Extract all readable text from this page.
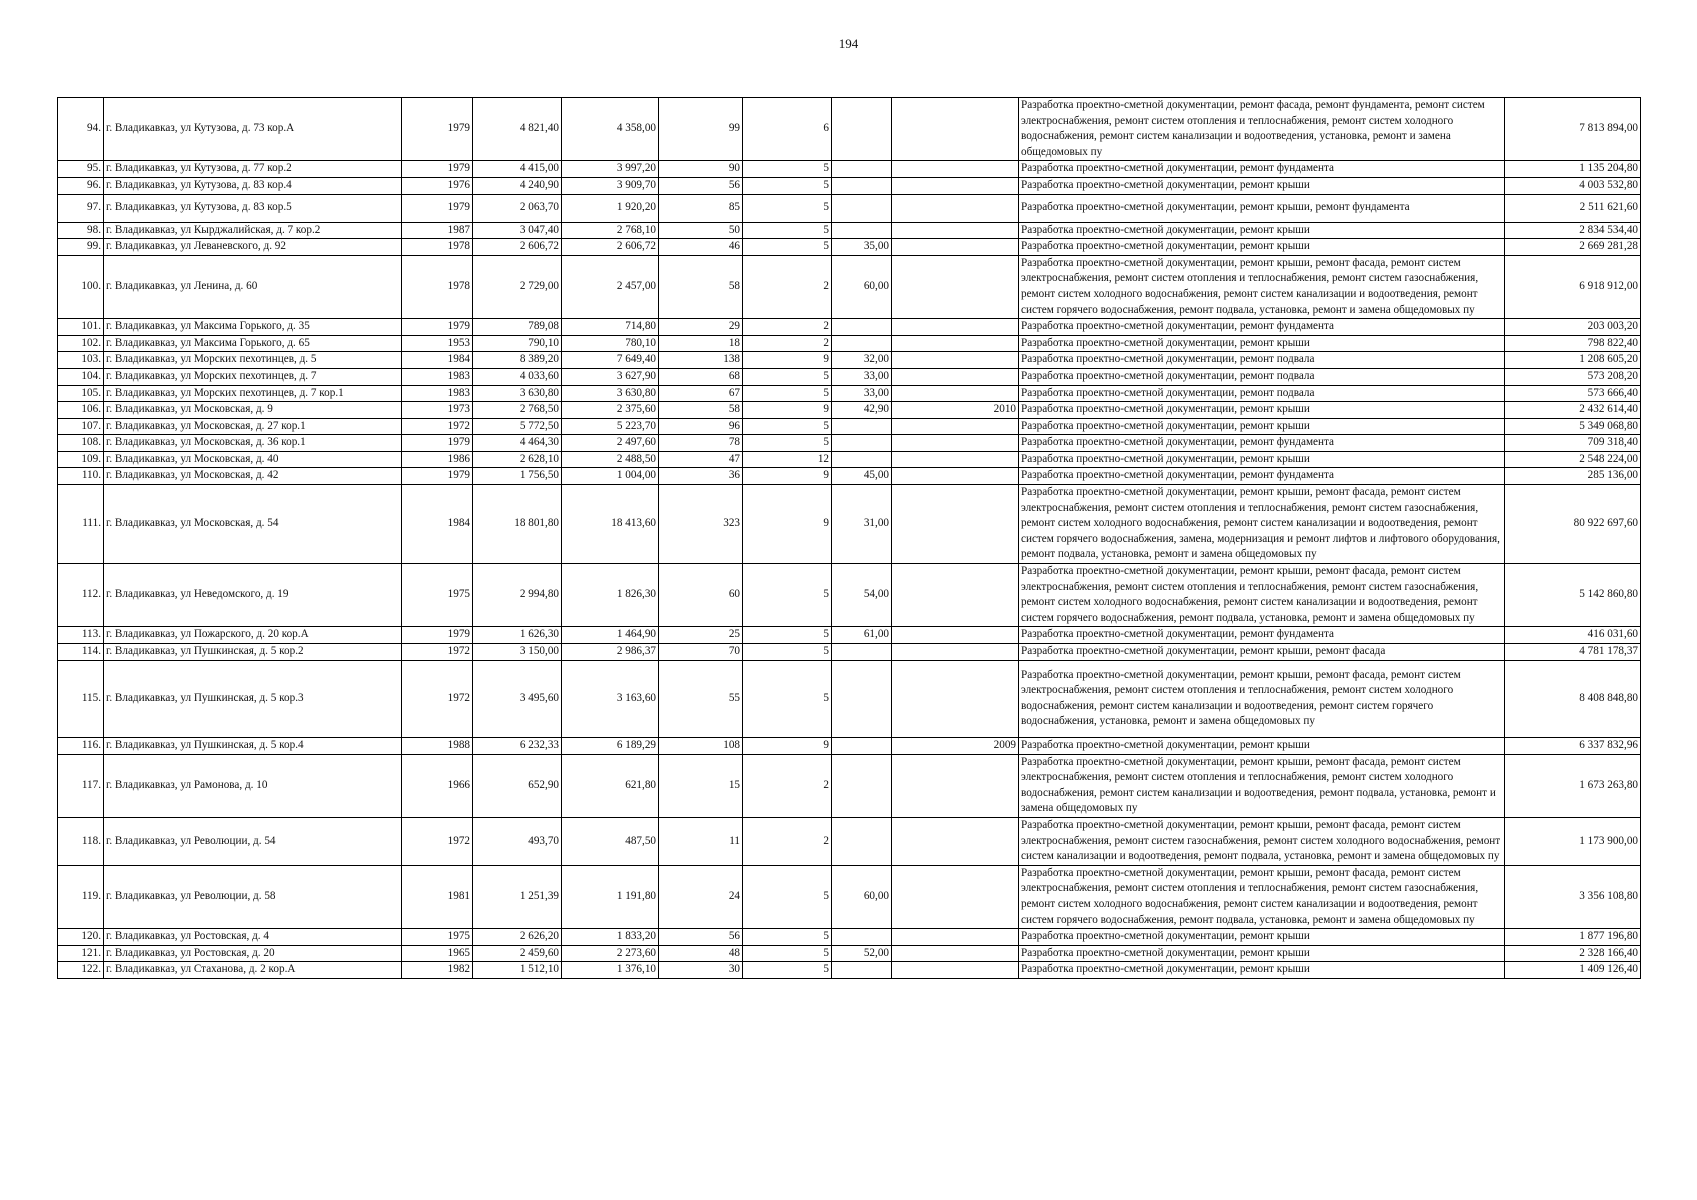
194
94.	г. Владикавказ, ул Кутузова, д. 73 кор.А	1979	4 821,40	4 358,00	99	6			Разработка проектно-сметной документации, ремонт фасада, ремонт фундамента, ремонт систем электроснабжения, ремонт систем отопления и теплоснабжения, ремонт систем холодного водоснабжения, ремонт систем канализации и водоотведения, установка, ремонт и замена общедомовых пу	7 813 894,00
95.	г. Владикавказ, ул Кутузова, д. 77 кор.2	1979	4 415,00	3 997,20	90	5			Разработка проектно-сметной документации, ремонт фундамента	1 135 204,80
96.	г. Владикавказ, ул Кутузова, д. 83 кор.4	1976	4 240,90	3 909,70	56	5			Разработка проектно-сметной документации, ремонт крыши	4 003 532,80
97.	г. Владикавказ, ул Кутузова, д. 83 кор.5	1979	2 063,70	1 920,20	85	5			Разработка проектно-сметной документации, ремонт крыши, ремонт фундамента	2 511 621,60
98.	г. Владикавказ, ул Кырджалийская, д. 7 кор.2	1987	3 047,40	2 768,10	50	5			Разработка проектно-сметной документации, ремонт крыши	2 834 534,40
99.	г. Владикавказ, ул Леваневского, д. 92	1978	2 606,72	2 606,72	46	5	35,00		Разработка проектно-сметной документации, ремонт крыши	2 669 281,28
100.	г. Владикавказ, ул Ленина, д. 60	1978	2 729,00	2 457,00	58	2	60,00		Разработка проектно-сметной документации, ремонт крыши, ремонт фасада, ремонт систем электроснабжения, ремонт систем отопления и теплоснабжения, ремонт систем газоснабжения, ремонт систем холодного водоснабжения, ремонт систем канализации и водоотведения, ремонт систем горячего водоснабжения, ремонт подвала, установка, ремонт и замена общедомовых пу	6 918 912,00
101.	г. Владикавказ, ул Максима Горького, д. 35	1979	789,08	714,80	29	2			Разработка проектно-сметной документации, ремонт фундамента	203 003,20
102.	г. Владикавказ, ул Максима Горького, д. 65	1953	790,10	780,10	18	2			Разработка проектно-сметной документации, ремонт крыши	798 822,40
103.	г. Владикавказ, ул Морских пехотинцев, д. 5	1984	8 389,20	7 649,40	138	9	32,00		Разработка проектно-сметной документации, ремонт подвала	1 208 605,20
104.	г. Владикавказ, ул Морских пехотинцев, д. 7	1983	4 033,60	3 627,90	68	5	33,00		Разработка проектно-сметной документации, ремонт подвала	573 208,20
105.	г. Владикавказ, ул Морских пехотинцев, д. 7 кор.1	1983	3 630,80	3 630,80	67	5	33,00		Разработка проектно-сметной документации, ремонт подвала	573 666,40
106.	г. Владикавказ, ул Московская, д. 9	1973	2 768,50	2 375,60	58	9	42,90	2010	Разработка проектно-сметной документации, ремонт крыши	2 432 614,40
107.	г. Владикавказ, ул Московская, д. 27 кор.1	1972	5 772,50	5 223,70	96	5			Разработка проектно-сметной документации, ремонт крыши	5 349 068,80
108.	г. Владикавказ, ул Московская, д. 36 кор.1	1979	4 464,30	2 497,60	78	5			Разработка проектно-сметной документации, ремонт фундамента	709 318,40
109.	г. Владикавказ, ул Московская, д. 40	1986	2 628,10	2 488,50	47	12			Разработка проектно-сметной документации, ремонт крыши	2 548 224,00
110.	г. Владикавказ, ул Московская, д. 42	1979	1 756,50	1 004,00	36	9	45,00		Разработка проектно-сметной документации, ремонт фундамента	285 136,00
111.	г. Владикавказ, ул Московская, д. 54	1984	18 801,80	18 413,60	323	9	31,00		Разработка проектно-сметной документации, ремонт крыши, ремонт фасада, ремонт систем электроснабжения, ремонт систем отопления и теплоснабжения, ремонт систем газоснабжения, ремонт систем холодного водоснабжения, ремонт систем канализации и водоотведения, ремонт систем горячего водоснабжения, замена, модернизация и ремонт лифтов и лифтового оборудования, ремонт подвала, установка, ремонт и замена общедомовых пу	80 922 697,60
112.	г. Владикавказ, ул Неведомского, д. 19	1975	2 994,80	1 826,30	60	5	54,00		Разработка проектно-сметной документации, ремонт крыши, ремонт фасада, ремонт систем электроснабжения, ремонт систем отопления и теплоснабжения, ремонт систем газоснабжения, ремонт систем холодного водоснабжения, ремонт систем канализации и водоотведения, ремонт систем горячего водоснабжения, ремонт подвала, установка, ремонт и замена общедомовых пу	5 142 860,80
113.	г. Владикавказ, ул Пожарского, д. 20 кор.А	1979	1 626,30	1 464,90	25	5	61,00		Разработка проектно-сметной документации, ремонт фундамента	416 031,60
114.	г. Владикавказ, ул Пушкинская, д. 5 кор.2	1972	3 150,00	2 986,37	70	5			Разработка проектно-сметной документации, ремонт крыши, ремонт фасада	4 781 178,37
115.	г. Владикавказ, ул Пушкинская, д. 5 кор.3	1972	3 495,60	3 163,60	55	5			Разработка проектно-сметной документации, ремонт крыши, ремонт фасада, ремонт систем электроснабжения, ремонт систем отопления и теплоснабжения, ремонт систем холодного водоснабжения, ремонт систем канализации и водоотведения, ремонт систем горячего водоснабжения, установка, ремонт и замена общедомовых пу	8 408 848,80
116.	г. Владикавказ, ул Пушкинская, д. 5 кор.4	1988	6 232,33	6 189,29	108	9		2009	Разработка проектно-сметной документации, ремонт крыши	6 337 832,96
117.	г. Владикавказ, ул Рамонова, д. 10	1966	652,90	621,80	15	2			Разработка проектно-сметной документации, ремонт крыши, ремонт фасада, ремонт систем электроснабжения, ремонт систем отопления и теплоснабжения, ремонт систем холодного водоснабжения, ремонт систем канализации и водоотведения, ремонт подвала, установка, ремонт и замена общедомовых пу	1 673 263,80
118.	г. Владикавказ, ул Революции, д. 54	1972	493,70	487,50	11	2			Разработка проектно-сметной документации, ремонт крыши, ремонт фасада, ремонт систем электроснабжения, ремонт систем газоснабжения, ремонт систем холодного водоснабжения, ремонт систем канализации и водоотведения, ремонт подвала, установка, ремонт и замена общедомовых пу	1 173 900,00
119.	г. Владикавказ, ул Революции, д. 58	1981	1 251,39	1 191,80	24	5	60,00		Разработка проектно-сметной документации, ремонт крыши, ремонт фасада, ремонт систем электроснабжения, ремонт систем отопления и теплоснабжения, ремонт систем газоснабжения, ремонт систем холодного водоснабжения, ремонт систем канализации и водоотведения, ремонт систем горячего водоснабжения, ремонт подвала, установка, ремонт и замена общедомовых пу	3 356 108,80
120.	г. Владикавказ, ул Ростовская, д. 4	1975	2 626,20	1 833,20	56	5			Разработка проектно-сметной документации, ремонт крыши	1 877 196,80
121.	г. Владикавказ, ул Ростовская, д. 20	1965	2 459,60	2 273,60	48	5	52,00		Разработка проектно-сметной документации, ремонт крыши	2 328 166,40
122.	г. Владикавказ, ул Стаханова, д. 2 кор.А	1982	1 512,10	1 376,10	30	5			Разработка проектно-сметной документации, ремонт крыши	1 409 126,40
